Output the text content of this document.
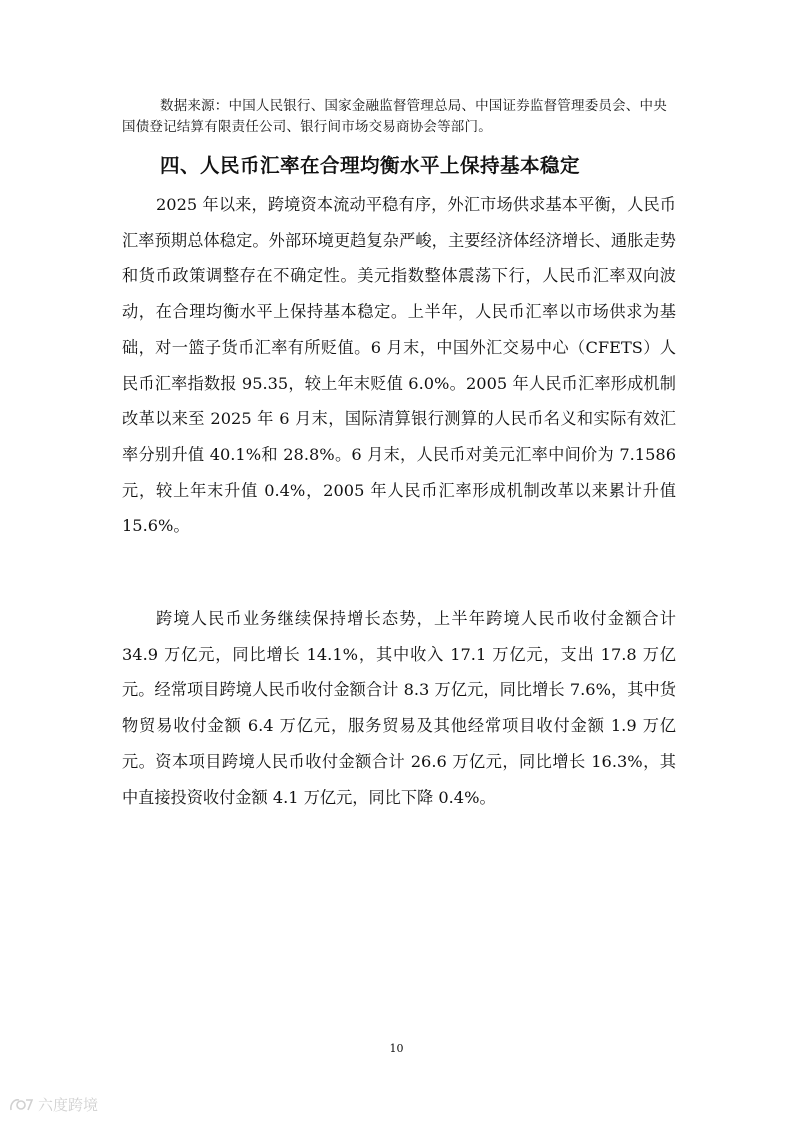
数据来源：中国人民银行、国家金融监督管理总局、中国证券监督管理委员会、中央国债登记结算有限责任公司、银行间市场交易商协会等部门。

四、人民币汇率在合理均衡水平上保持基本稳定

2025 年以来，跨境资本流动平稳有序，外汇市场供求基本平衡，人民币汇率预期总体稳定。外部环境更趋复杂严峻，主要经济体经济增长、通胀走势和货币政策调整存在不确定性。美元指数整体震荡下行，人民币汇率双向波动，在合理均衡水平上保持基本稳定。上半年，人民币汇率以市场供求为基础，对一篮子货币汇率有所贬值。6 月末，中国外汇交易中心（CFETS）人民币汇率指数报 95.35，较上年末贬值 6.0%。2005 年人民币汇率形成机制改革以来至 2025 年 6 月末，国际清算银行测算的人民币名义和实际有效汇率分别升值 40.1%和 28.8%。6 月末，人民币对美元汇率中间价为 7.1586 元，较上年末升值 0.4%，2005 年人民币汇率形成机制改革以来累计升值 15.6%。

跨境人民币业务继续保持增长态势，上半年跨境人民币收付金额合计 34.9 万亿元，同比增长 14.1%，其中收入 17.1 万亿元，支出 17.8 万亿元。经常项目跨境人民币收付金额合计 8.3 万亿元，同比增长 7.6%，其中货物贸易收付金额 6.4 万亿元，服务贸易及其他经常项目收付金额 1.9 万亿元。资本项目跨境人民币收付金额合计 26.6 万亿元，同比增长 16.3%，其中直接投资收付金额 4.1 万亿元，同比下降 0.4%。

10

六度跨境
